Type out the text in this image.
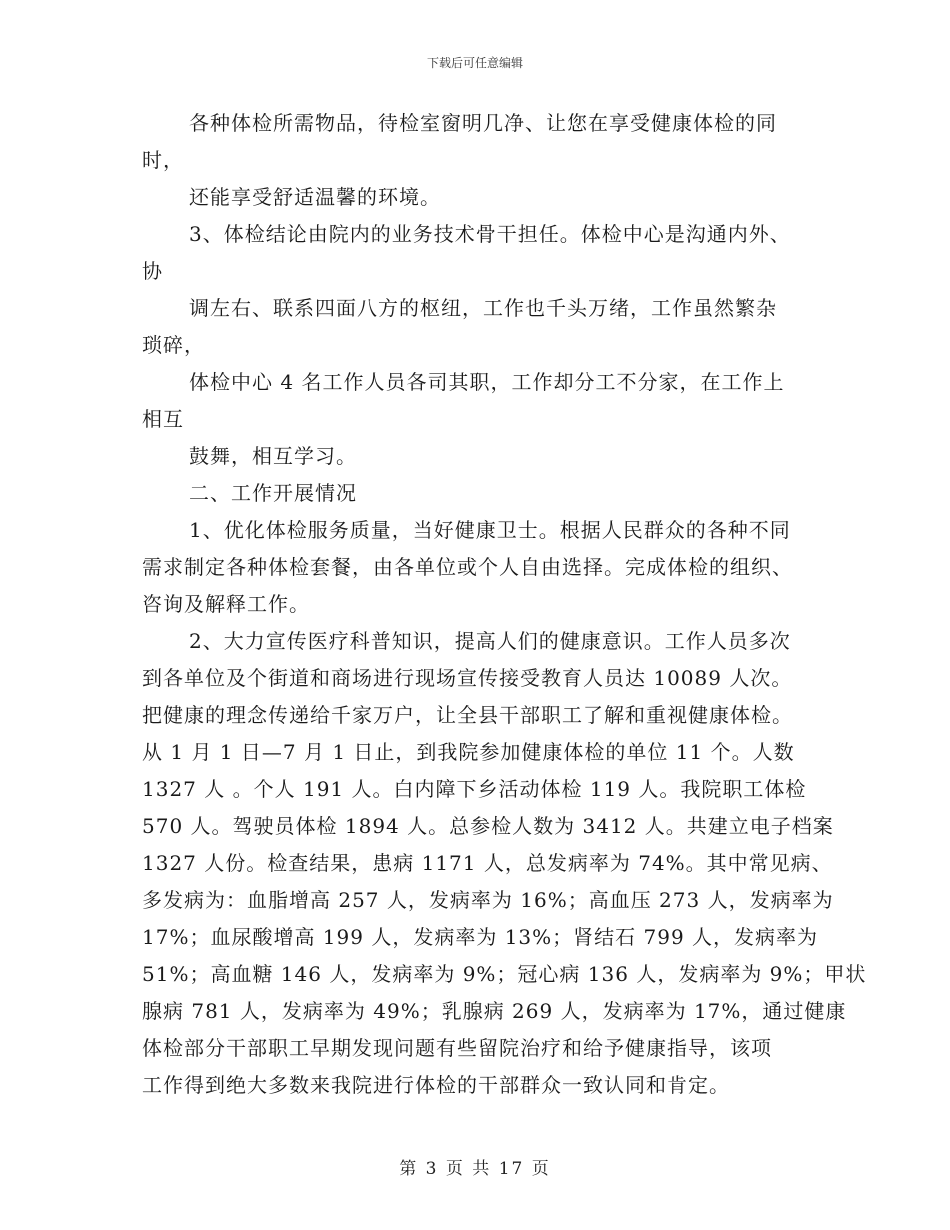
下载后可任意编辑
各种体检所需物品，待检室窗明几净、让您在享受健康体检的同
时，
还能享受舒适温馨的环境。
3、体检结论由院内的业务技术骨干担任。体检中心是沟通内外、
协
调左右、联系四面八方的枢纽，工作也千头万绪，工作虽然繁杂
琐碎，
体检中心 4 名工作人员各司其职，工作却分工不分家，在工作上
相互
鼓舞，相互学习。
二、工作开展情况
1、优化体检服务质量，当好健康卫士。根据人民群众的各种不同
需求制定各种体检套餐，由各单位或个人自由选择。完成体检的组织、
咨询及解释工作。
2、大力宣传医疗科普知识，提高人们的健康意识。工作人员多次
到各单位及个街道和商场进行现场宣传接受教育人员达 10089 人次。
把健康的理念传递给千家万户，让全县干部职工了解和重视健康体检。
从 1 月 1 日—7 月 1 日止，到我院参加健康体检的单位 11 个。人数
1327 人 。个人 191 人。白内障下乡活动体检 119 人。我院职工体检
570 人。驾驶员体检 1894 人。总参检人数为 3412 人。共建立电子档案
1327 人份。检查结果，患病 1171 人，总发病率为 74%。其中常见病、
多发病为：血脂增高 257 人，发病率为 16%；高血压 273 人，发病率为
17%；血尿酸增高 199 人，发病率为 13%；肾结石 799 人，发病率为
51%；高血糖 146 人，发病率为 9%；冠心病 136 人，发病率为 9%；甲状
腺病 781 人，发病率为 49%；乳腺病 269 人，发病率为 17%，通过健康
体检部分干部职工早期发现问题有些留院治疗和给予健康指导，该项
工作得到绝大多数来我院进行体检的干部群众一致认同和肯定。
第 3 页 共 17 页
